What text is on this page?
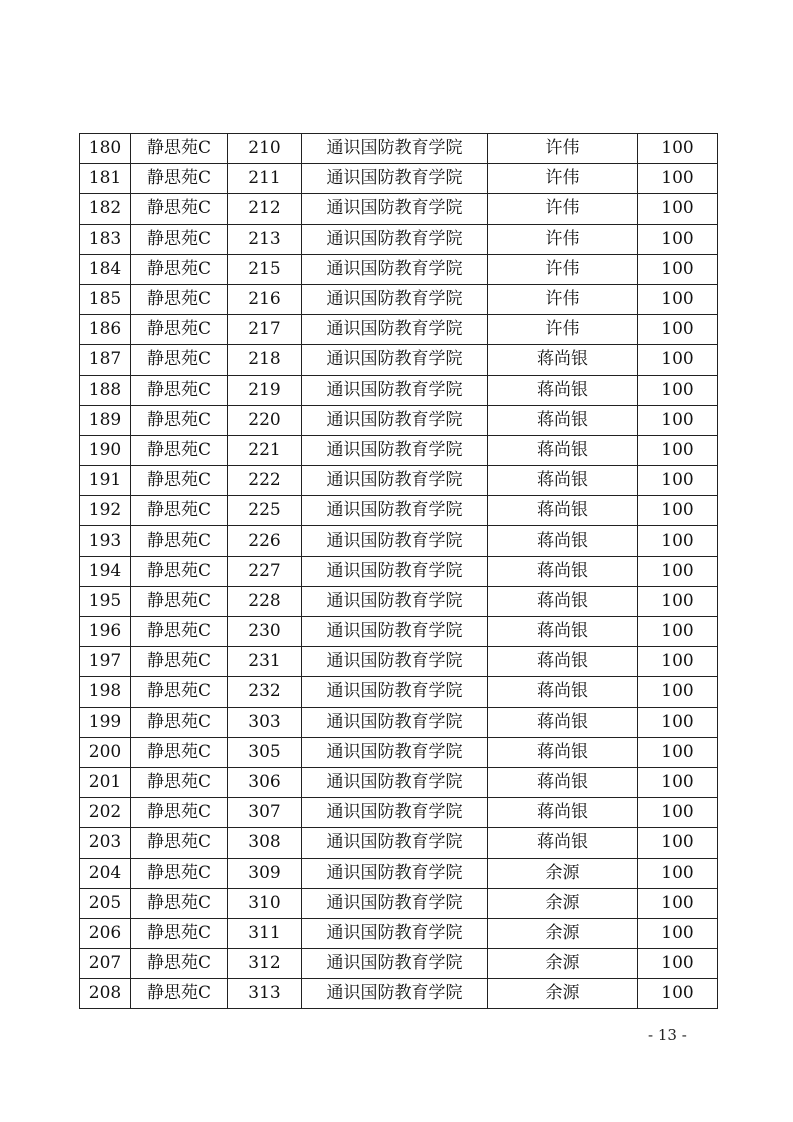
180	静思苑C	210	通识国防教育学院	许伟	100
181	静思苑C	211	通识国防教育学院	许伟	100
182	静思苑C	212	通识国防教育学院	许伟	100
183	静思苑C	213	通识国防教育学院	许伟	100
184	静思苑C	215	通识国防教育学院	许伟	100
185	静思苑C	216	通识国防教育学院	许伟	100
186	静思苑C	217	通识国防教育学院	许伟	100
187	静思苑C	218	通识国防教育学院	蒋尚银	100
188	静思苑C	219	通识国防教育学院	蒋尚银	100
189	静思苑C	220	通识国防教育学院	蒋尚银	100
190	静思苑C	221	通识国防教育学院	蒋尚银	100
191	静思苑C	222	通识国防教育学院	蒋尚银	100
192	静思苑C	225	通识国防教育学院	蒋尚银	100
193	静思苑C	226	通识国防教育学院	蒋尚银	100
194	静思苑C	227	通识国防教育学院	蒋尚银	100
195	静思苑C	228	通识国防教育学院	蒋尚银	100
196	静思苑C	230	通识国防教育学院	蒋尚银	100
197	静思苑C	231	通识国防教育学院	蒋尚银	100
198	静思苑C	232	通识国防教育学院	蒋尚银	100
199	静思苑C	303	通识国防教育学院	蒋尚银	100
200	静思苑C	305	通识国防教育学院	蒋尚银	100
201	静思苑C	306	通识国防教育学院	蒋尚银	100
202	静思苑C	307	通识国防教育学院	蒋尚银	100
203	静思苑C	308	通识国防教育学院	蒋尚银	100
204	静思苑C	309	通识国防教育学院	余源	100
205	静思苑C	310	通识国防教育学院	余源	100
206	静思苑C	311	通识国防教育学院	余源	100
207	静思苑C	312	通识国防教育学院	余源	100
208	静思苑C	313	通识国防教育学院	余源	100
- 13 -
